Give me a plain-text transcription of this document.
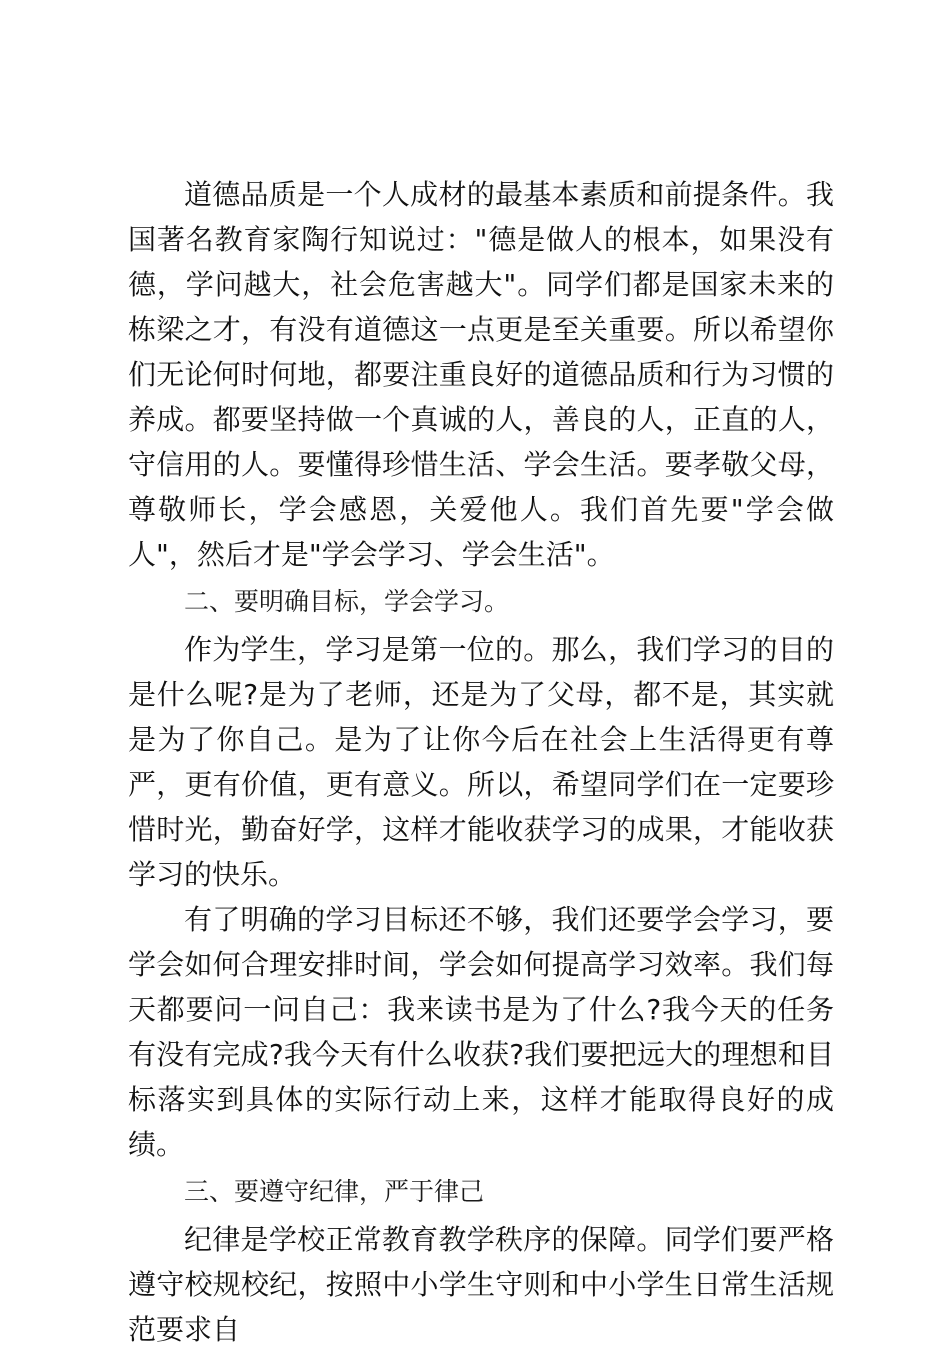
道德品质是一个人成材的最基本素质和前提条件。我国著名教育家陶行知说过："德是做人的根本，如果没有德，学问越大，社会危害越大"。同学们都是国家未来的栋梁之才，有没有道德这一点更是至关重要。所以希望你们无论何时何地，都要注重良好的道德品质和行为习惯的养成。都要坚持做一个真诚的人，善良的人，正直的人，守信用的人。要懂得珍惜生活、学会生活。要孝敬父母，尊敬师长，学会感恩，关爱他人。我们首先要"学会做人"，然后才是"学会学习、学会生活"。

二、要明确目标，学会学习。

作为学生，学习是第一位的。那么，我们学习的目的是什么呢?是为了老师，还是为了父母，都不是，其实就是为了你自己。是为了让你今后在社会上生活得更有尊严，更有价值，更有意义。所以，希望同学们在一定要珍惜时光，勤奋好学，这样才能收获学习的成果，才能收获学习的快乐。

有了明确的学习目标还不够，我们还要学会学习，要学会如何合理安排时间，学会如何提高学习效率。我们每天都要问一问自己：我来读书是为了什么?我今天的任务有没有完成?我今天有什么收获?我们要把远大的理想和目标落实到具体的实际行动上来，这样才能取得良好的成绩。

三、要遵守纪律，严于律己

纪律是学校正常教育教学秩序的保障。同学们要严格遵守校规校纪，按照中小学生守则和中小学生日常生活规范要求自
